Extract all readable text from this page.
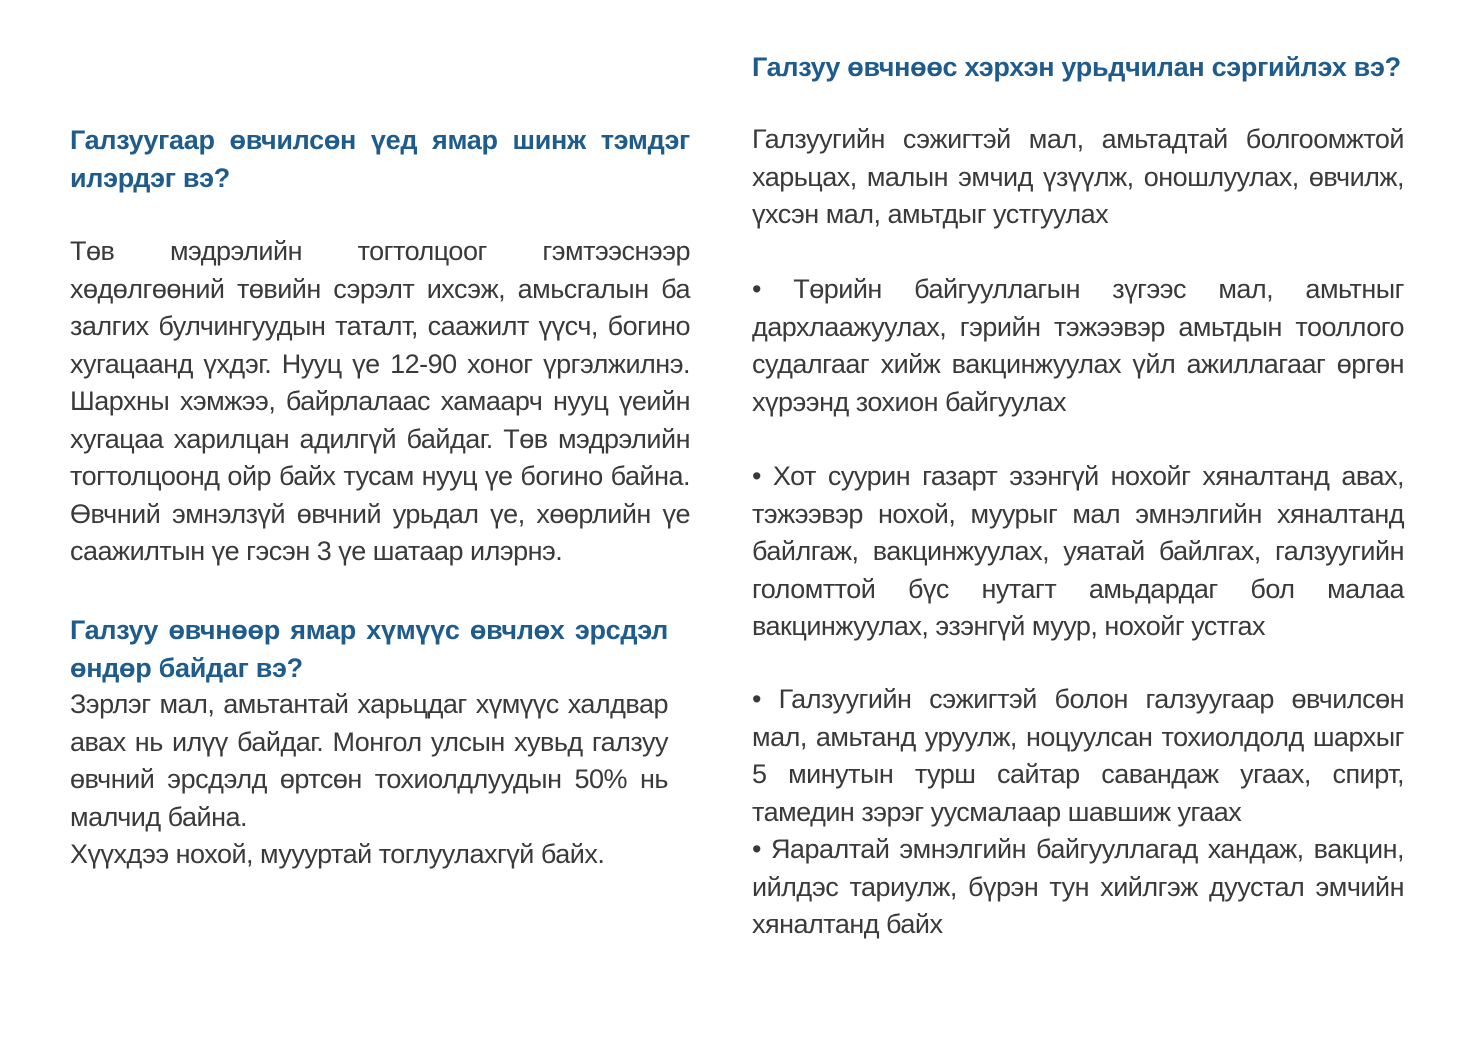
Галзуугаар өвчилсөн үед ямар шинж тэмдэг илэрдэг вэ?

Төв мэдрэлийн тогтолцоог гэмтээснээр хөдөлгөөний төвийн сэрэлт ихсэж, амьсгалын ба залгих булчингуудын таталт, саажилт үүсч, богино хугацаанд үхдэг. Нууц үе 12-90 хоног үргэлжилнэ. Шархны хэмжээ, байрлалаас хамаарч нууц үеийн хугацаа харилцан адилгүй байдаг. Төв мэдрэлийн тогтолцоонд ойр байх тусам нууц үе богино байна. Өвчний эмнэлзүй өвчний урьдал үе, хөөрлийн үе саажилтын үе гэсэн 3 үе шатаар илэрнэ.

Галзуу өвчнөөр ямар хүмүүс өвчлөх эрсдэл өндөр байдаг вэ?

Зэрлэг мал, амьтантай харьцдаг хүмүүс халдвар авах нь илүү байдаг. Монгол улсын хувьд галзуу өвчний эрсдэлд өртсөн тохиолдлуудын 50% нь малчид байна.

Хүүхдээ нохой, муууртай тоглуулахгүй байх.

Галзуу өвчнөөс хэрхэн урьдчилан сэргийлэх вэ?

Галзуугийн сэжигтэй мал, амьтадтай болгоомжтой харьцах, малын эмчид үзүүлж, оношлуулах, өвчилж, үхсэн мал, амьтдыг устгуулах

• Төрийн байгууллагын зүгээс мал, амьтныг дархлаажуулах, гэрийн тэжээвэр амьтдын тооллого судалгааг хийж вакцинжуулах үйл ажиллагааг өргөн хүрээнд зохион байгуулах

• Хот суурин газарт эзэнгүй нохойг хяналтанд авах, тэжээвэр нохой, муурыг мал эмнэлгийн хяналтанд байлгаж, вакцинжуулах, уяатай байлгах, галзуугийн голомттой бүс нутагт амьдардаг бол малаа вакцинжуулах, эзэнгүй муур, нохойг устгах

• Галзуугийн сэжигтэй болон галзуугаар өвчилсөн мал, амьтанд уруулж, ноцуулсан тохиолдолд шархыг 5 минутын турш сайтар савандаж угаах, спирт, тамедин зэрэг уусмалаар шавшиж угаах

• Яаралтай эмнэлгийн байгууллагад хандаж, вакцин, ийлдэс тариулж, бүрэн тун хийлгэж дуустал эмчийн хяналтанд байх
